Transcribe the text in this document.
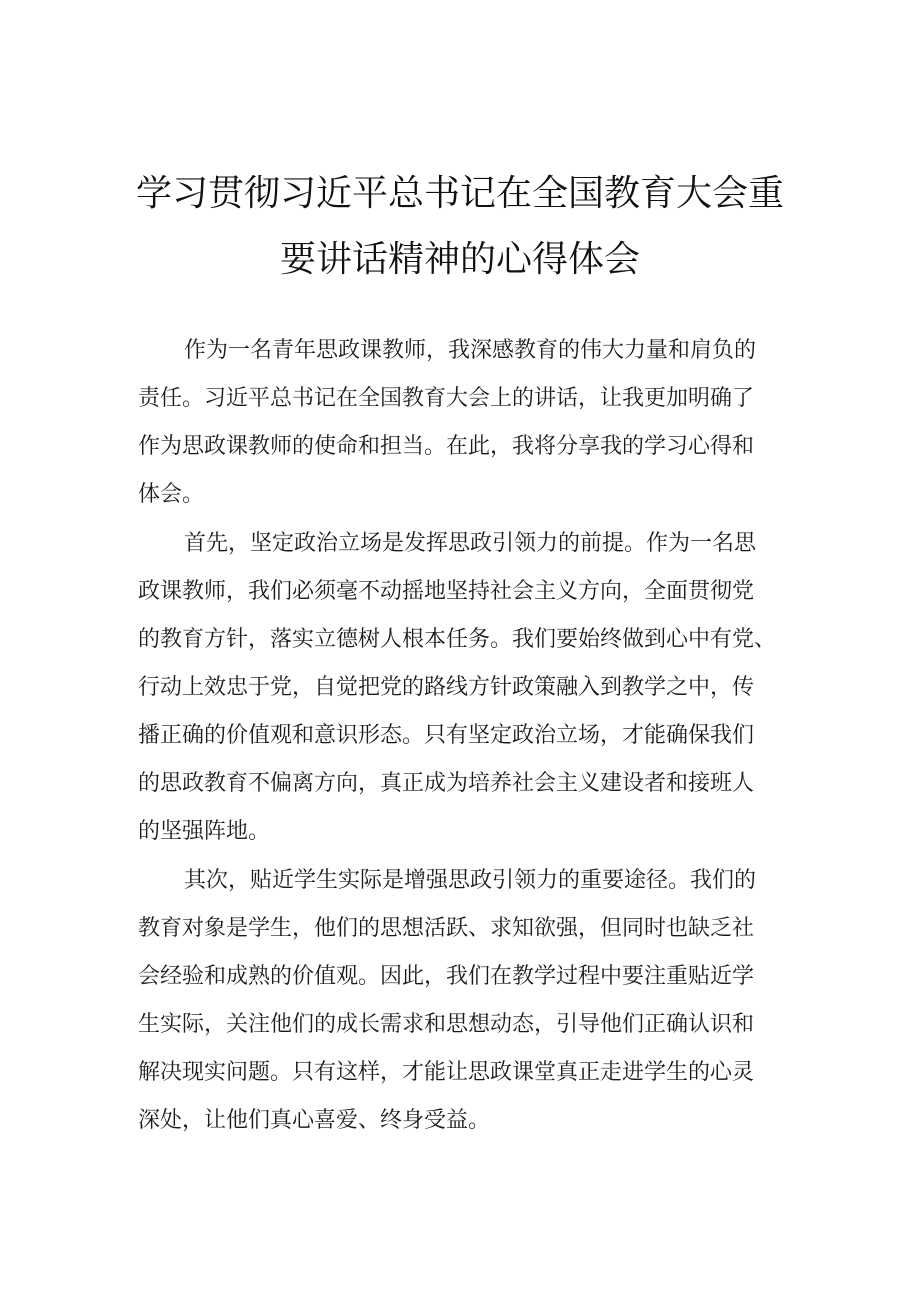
学习贯彻习近平总书记在全国教育大会重
要讲话精神的心得体会
作为一名青年思政课教师，我深感教育的伟大力量和肩负的
责任。习近平总书记在全国教育大会上的讲话，让我更加明确了
作为思政课教师的使命和担当。在此，我将分享我的学习心得和
体会。
首先，坚定政治立场是发挥思政引领力的前提。作为一名思
政课教师，我们必须毫不动摇地坚持社会主义方向，全面贯彻党
的教育方针，落实立德树人根本任务。我们要始终做到心中有党、
行动上效忠于党，自觉把党的路线方针政策融入到教学之中，传
播正确的价值观和意识形态。只有坚定政治立场，才能确保我们
的思政教育不偏离方向，真正成为培养社会主义建设者和接班人
的坚强阵地。
其次，贴近学生实际是增强思政引领力的重要途径。我们的
教育对象是学生，他们的思想活跃、求知欲强，但同时也缺乏社
会经验和成熟的价值观。因此，我们在教学过程中要注重贴近学
生实际，关注他们的成长需求和思想动态，引导他们正确认识和
解决现实问题。只有这样，才能让思政课堂真正走进学生的心灵
深处，让他们真心喜爱、终身受益。
